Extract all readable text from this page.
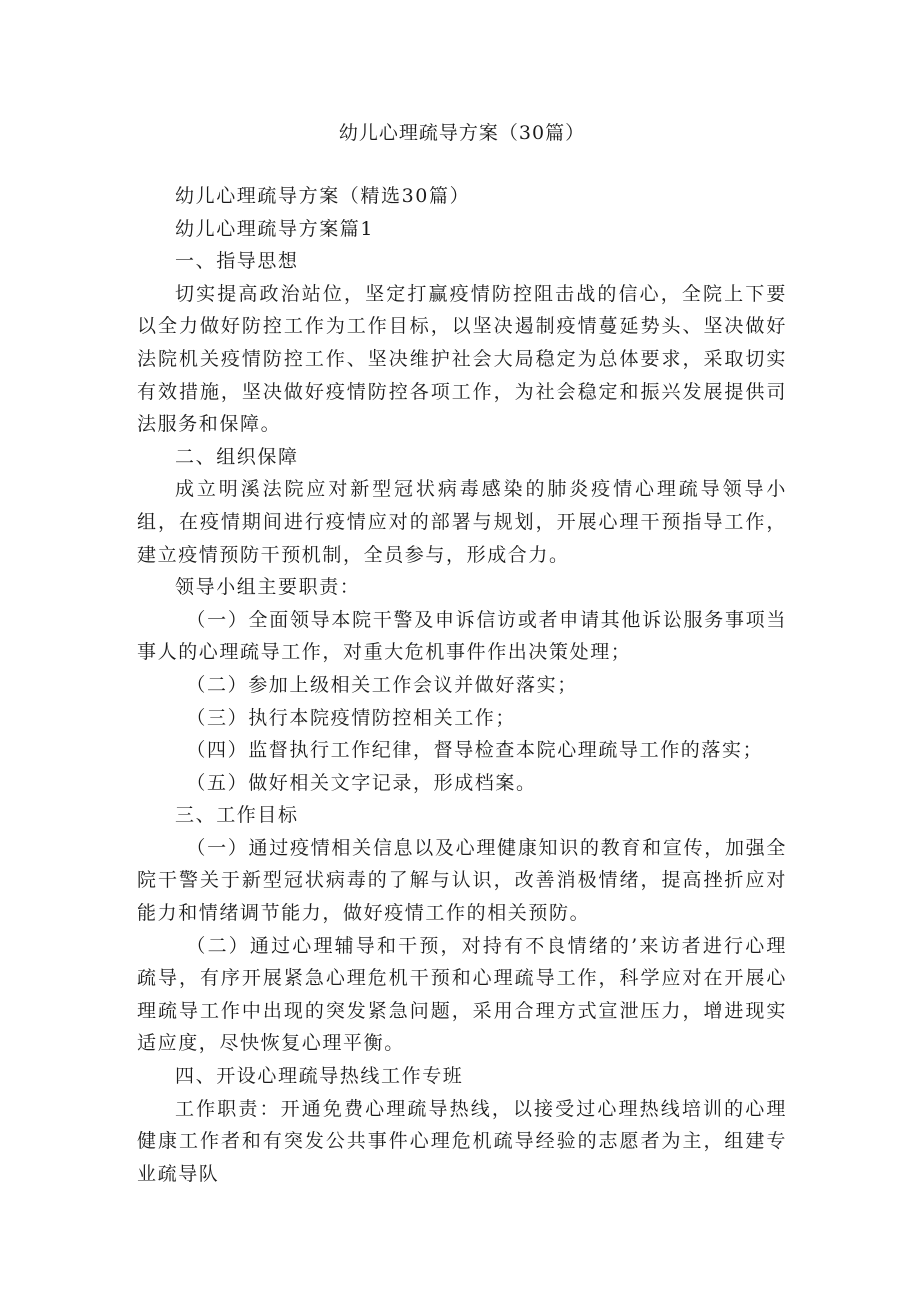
幼儿心理疏导方案（30篇）

幼儿心理疏导方案（精选30篇）

幼儿心理疏导方案篇1

一、指导思想

切实提高政治站位，坚定打赢疫情防控阻击战的信心，全院上下要以全力做好防控工作为工作目标，以坚决遏制疫情蔓延势头、坚决做好法院机关疫情防控工作、坚决维护社会大局稳定为总体要求，采取切实有效措施，坚决做好疫情防控各项工作，为社会稳定和振兴发展提供司法服务和保障。

二、组织保障

成立明溪法院应对新型冠状病毒感染的肺炎疫情心理疏导领导小组，在疫情期间进行疫情应对的部署与规划，开展心理干预指导工作，建立疫情预防干预机制，全员参与，形成合力。

领导小组主要职责：

（一）全面领导本院干警及申诉信访或者申请其他诉讼服务事项当事人的心理疏导工作，对重大危机事件作出决策处理；

（二）参加上级相关工作会议并做好落实；

（三）执行本院疫情防控相关工作；

（四）监督执行工作纪律，督导检查本院心理疏导工作的落实；

（五）做好相关文字记录，形成档案。

三、工作目标

（一）通过疫情相关信息以及心理健康知识的教育和宣传，加强全院干警关于新型冠状病毒的了解与认识，改善消极情绪，提高挫折应对能力和情绪调节能力，做好疫情工作的相关预防。

（二）通过心理辅导和干预，对持有不良情绪的’来访者进行心理疏导，有序开展紧急心理危机干预和心理疏导工作，科学应对在开展心理疏导工作中出现的突发紧急问题，采用合理方式宣泄压力，增进现实适应度，尽快恢复心理平衡。

四、开设心理疏导热线工作专班

工作职责：开通免费心理疏导热线，以接受过心理热线培训的心理健康工作者和有突发公共事件心理危机疏导经验的志愿者为主，组建专业疏导队
